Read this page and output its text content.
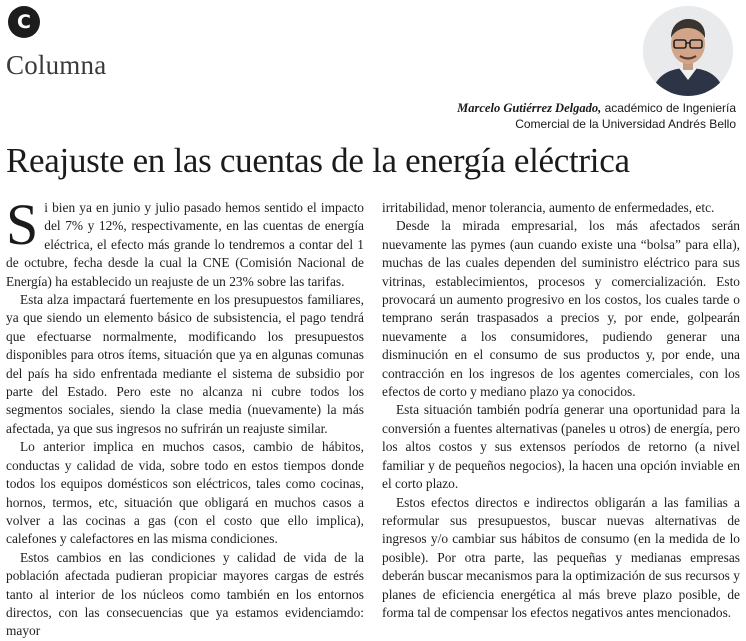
C
Columna
Marcelo Gutiérrez Delgado, académico de Ingeniería
Comercial de la Universidad Andrés Bello
Reajuste en las cuentas de la energía eléctrica

Si bien ya en junio y julio pasado hemos sentido el impacto del 7% y 12%, respectivamente, en las cuentas de energía eléctrica, el efecto más grande lo tendremos a contar del 1 de octubre, fecha desde la cual la CNE (Comisión Nacional de Energía) ha establecido un reajuste de un 23% sobre las tarifas.

Esta alza impactará fuertemente en los presupuestos familiares, ya que siendo un elemento básico de subsistencia, el pago tendrá que efectuarse normalmente, modificando los presupuestos disponibles para otros ítems, situación que ya en algunas comunas del país ha sido enfrentada mediante el sistema de subsidio por parte del Estado. Pero este no alcanza ni cubre todos los segmentos sociales, siendo la clase media (nuevamente) la más afectada, ya que sus ingresos no sufrirán un reajuste similar.

Lo anterior implica en muchos casos, cambio de hábitos, conductas y calidad de vida, sobre todo en estos tiempos donde todos los equipos domésticos son eléctricos, tales como cocinas, hornos, termos, etc, situación que obligará en muchos casos a volver a las cocinas a gas (con el costo que ello implica), calefones y calefactores en las misma condiciones.

Estos cambios en las condiciones y calidad de vida de la población afectada pudieran propiciar mayores cargas de estrés tanto al interior de los núcleos como también en los entornos directos, con las consecuencias que ya estamos evidenciamdo: mayor

irritabilidad, menor tolerancia, aumento de enfermedades, etc.

Desde la mirada empresarial, los más afectados serán nuevamente las pymes (aun cuando existe una “bolsa” para ella), muchas de las cuales dependen del suministro eléctrico para sus vitrinas, establecimientos, procesos y comercialización. Esto provocará un aumento progresivo en los costos, los cuales tarde o temprano serán traspasados a precios y, por ende, golpearán nuevamente a los consumidores, pudiendo generar una disminución en el consumo de sus productos y, por ende, una contracción en los ingresos de los agentes comerciales, con los efectos de corto y mediano plazo ya conocidos.

Esta situación también podría generar una oportunidad para la conversión a fuentes alternativas (paneles u otros) de energía, pero los altos costos y sus extensos períodos de retorno (a nivel familiar y de pequeños negocios), la hacen una opción inviable en el corto plazo.

Estos efectos directos e indirectos obligarán a las familias a reformular sus presupuestos, buscar nuevas alternativas de ingresos y/o cambiar sus hábitos de consumo (en la medida de lo posible). Por otra parte, las pequeñas y medianas empresas deberán buscar mecanismos para la optimización de sus recursos y planes de eficiencia energética al más breve plazo posible, de forma tal de compensar los efectos negativos antes mencionados.
